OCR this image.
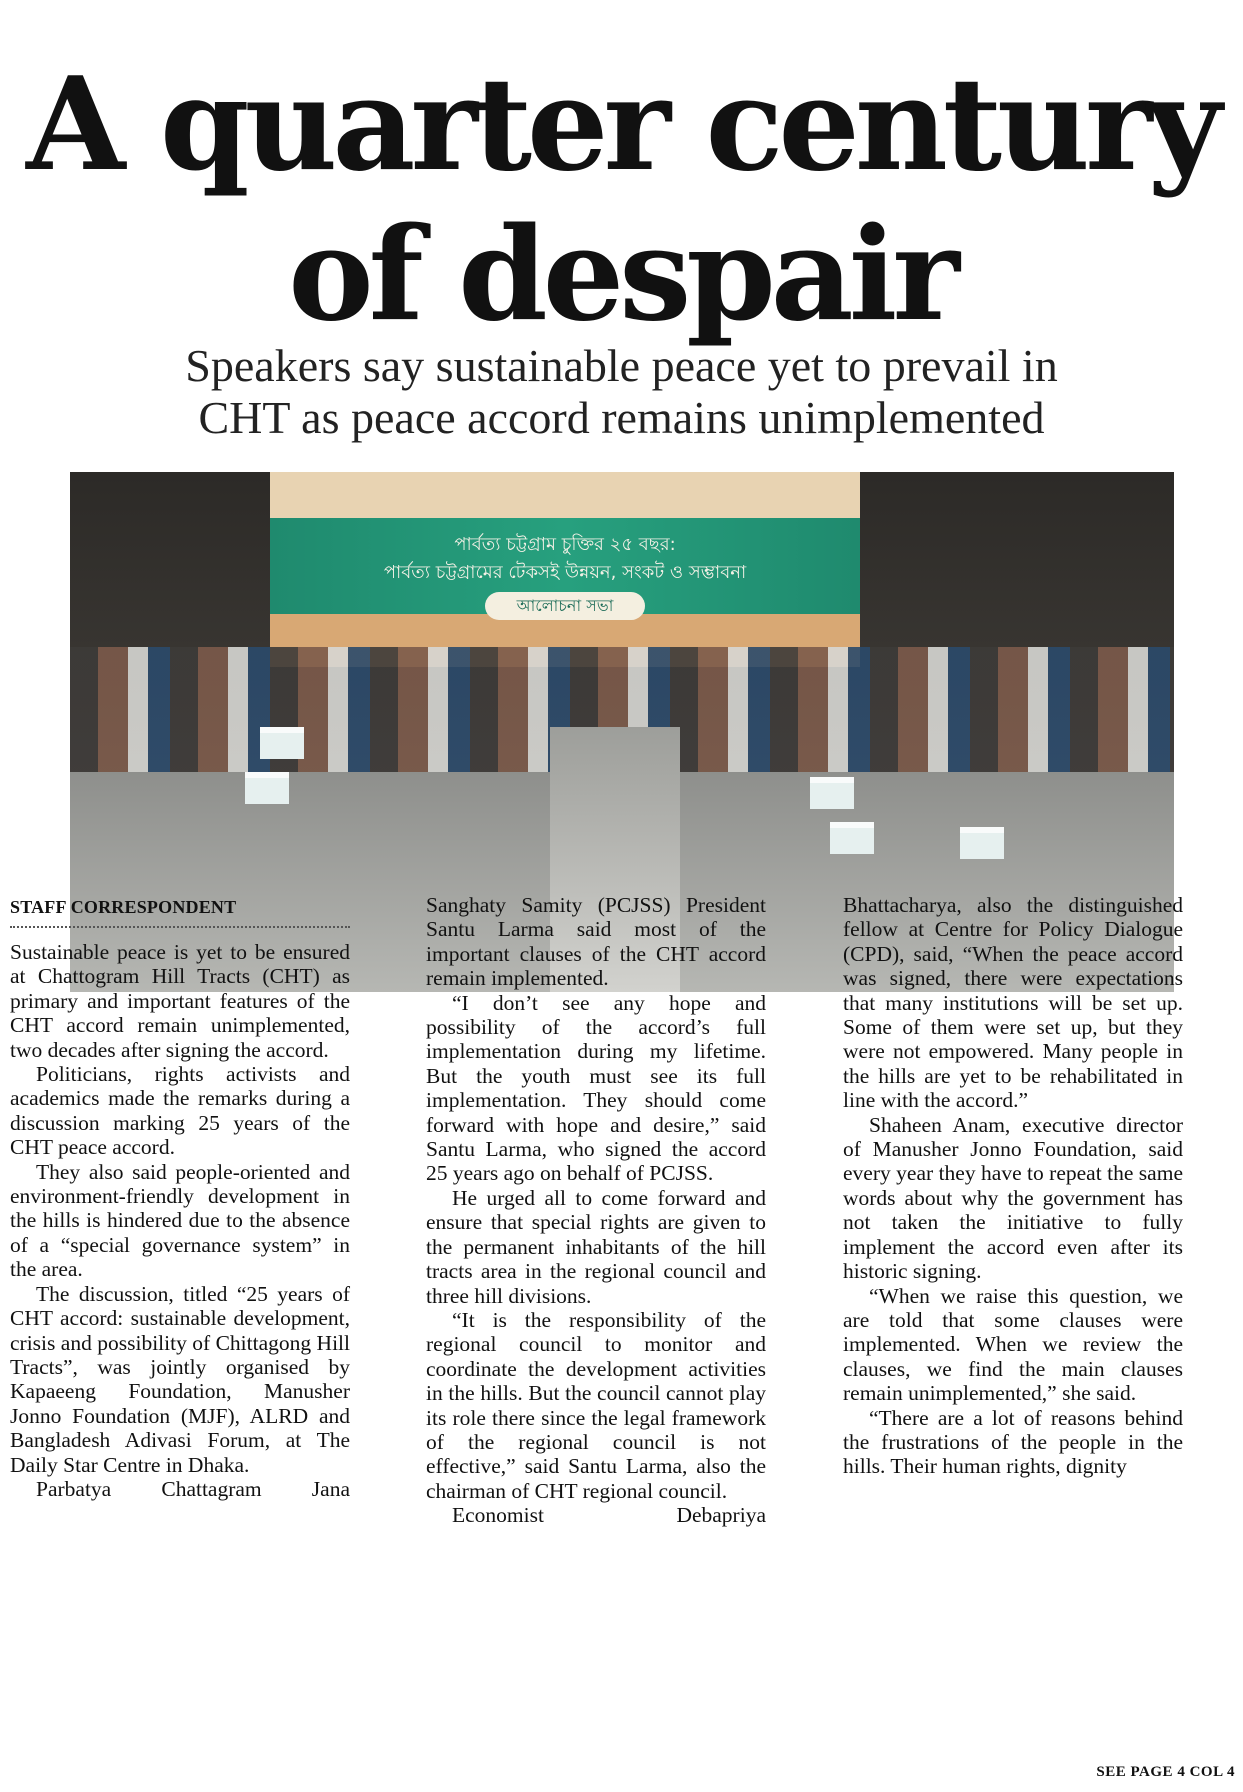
A quarter century
of despair
Speakers say sustainable peace yet to prevail in
CHT as peace accord remains unimplemented
পার্বত্য চট্টগ্রাম চুক্তির ২৫ বছর:
পার্বত্য চট্টগ্রামের টেকসই উন্নয়ন, সংকট ও সম্ভাবনা
আলোচনা সভা
STAFF CORRESPONDENT

Sustainable peace is yet to be ensured at Chattogram Hill Tracts (CHT) as primary and important features of the CHT accord remain unimplemented, two decades after signing the accord.

Politicians, rights activists and academics made the remarks during a discussion marking 25 years of the CHT peace accord.

They also said people-oriented and environment-friendly development in the hills is hindered due to the absence of a “special governance system” in the area.

The discussion, titled “25 years of CHT accord: sustainable development, crisis and possibility of Chittagong Hill Tracts”, was jointly organised by Kapaeeng Foundation, Manusher Jonno Foundation (MJF), ALRD and Bangladesh Adivasi Forum, at The Daily Star Centre in Dhaka.

Parbatya Chattagram Jana

Sanghaty Samity (PCJSS) President Santu Larma said most of the important clauses of the CHT accord remain implemented.

“I don’t see any hope and possibility of the accord’s full implementation during my lifetime. But the youth must see its full implementation. They should come forward with hope and desire,” said Santu Larma, who signed the accord 25 years ago on behalf of PCJSS.

He urged all to come forward and ensure that special rights are given to the permanent inhabitants of the hill tracts area in the regional council and three hill divisions.

“It is the responsibility of the regional council to monitor and coordinate the development activities in the hills. But the council cannot play its role there since the legal framework of the regional council is not effective,” said Santu Larma, also the chairman of CHT regional council.

Economist Debapriya

Bhattacharya, also the distinguished fellow at Centre for Policy Dialogue (CPD), said, “When the peace accord was signed, there were expectations that many institutions will be set up. Some of them were set up, but they were not empowered. Many people in the hills are yet to be rehabilitated in line with the accord.”

Shaheen Anam, executive director of Manusher Jonno Foundation, said every year they have to repeat the same words about why the government has not taken the initiative to fully implement the accord even after its historic signing.

“When we raise this question, we are told that some clauses were implemented. When we review the clauses, we find the main clauses remain unimplemented,” she said.

“There are a lot of reasons behind the frustrations of the people in the hills. Their human rights, dignity

SEE PAGE 4 COL 4
